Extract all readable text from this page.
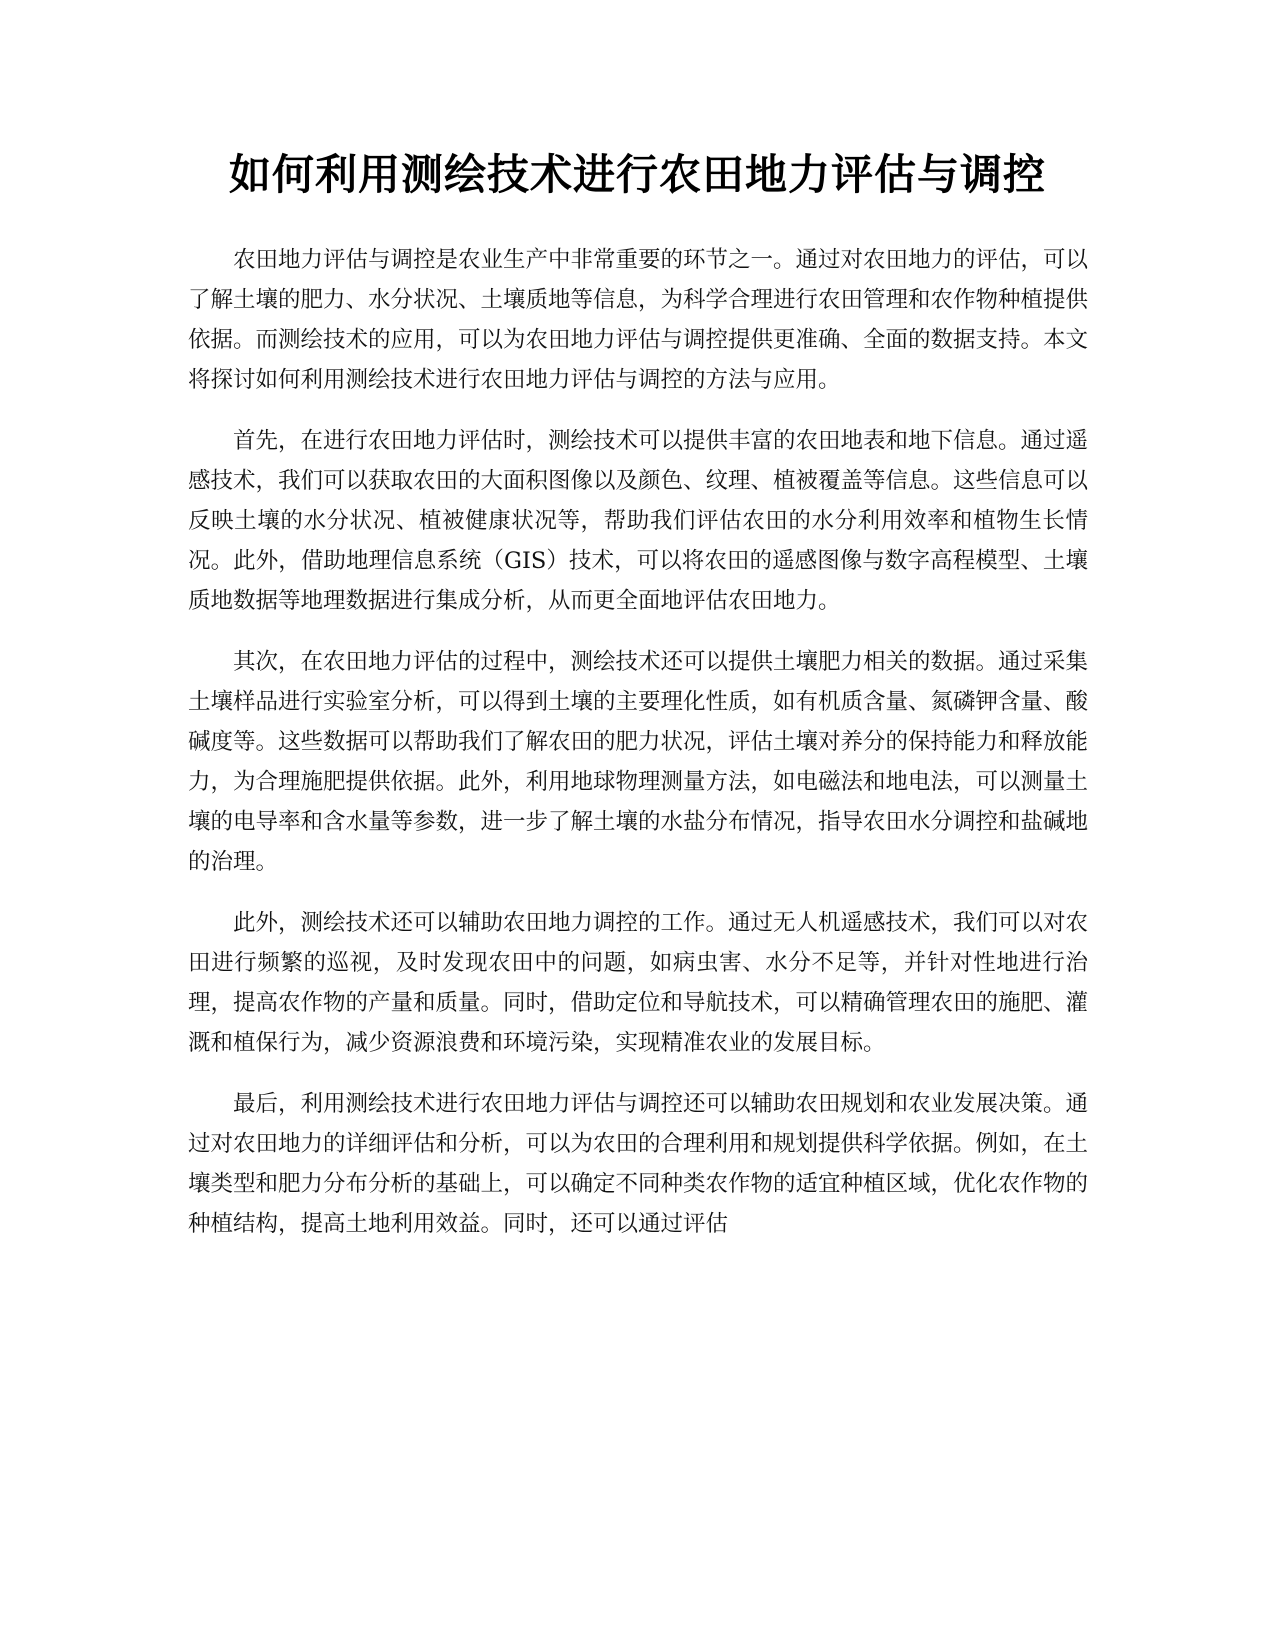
如何利用测绘技术进行农田地力评估与调控

农田地力评估与调控是农业生产中非常重要的环节之一。通过对农田地力的评估，可以了解土壤的肥力、水分状况、土壤质地等信息，为科学合理进行农田管理和农作物种植提供依据。而测绘技术的应用，可以为农田地力评估与调控提供更准确、全面的数据支持。本文将探讨如何利用测绘技术进行农田地力评估与调控的方法与应用。

首先，在进行农田地力评估时，测绘技术可以提供丰富的农田地表和地下信息。通过遥感技术，我们可以获取农田的大面积图像以及颜色、纹理、植被覆盖等信息。这些信息可以反映土壤的水分状况、植被健康状况等，帮助我们评估农田的水分利用效率和植物生长情况。此外，借助地理信息系统（GIS）技术，可以将农田的遥感图像与数字高程模型、土壤质地数据等地理数据进行集成分析，从而更全面地评估农田地力。

其次，在农田地力评估的过程中，测绘技术还可以提供土壤肥力相关的数据。通过采集土壤样品进行实验室分析，可以得到土壤的主要理化性质，如有机质含量、氮磷钾含量、酸碱度等。这些数据可以帮助我们了解农田的肥力状况，评估土壤对养分的保持能力和释放能力，为合理施肥提供依据。此外，利用地球物理测量方法，如电磁法和地电法，可以测量土壤的电导率和含水量等参数，进一步了解土壤的水盐分布情况，指导农田水分调控和盐碱地的治理。

此外，测绘技术还可以辅助农田地力调控的工作。通过无人机遥感技术，我们可以对农田进行频繁的巡视，及时发现农田中的问题，如病虫害、水分不足等，并针对性地进行治理，提高农作物的产量和质量。同时，借助定位和导航技术，可以精确管理农田的施肥、灌溉和植保行为，减少资源浪费和环境污染，实现精准农业的发展目标。

最后，利用测绘技术进行农田地力评估与调控还可以辅助农田规划和农业发展决策。通过对农田地力的详细评估和分析，可以为农田的合理利用和规划提供科学依据。例如，在土壤类型和肥力分布分析的基础上，可以确定不同种类农作物的适宜种植区域，优化农作物的种植结构，提高土地利用效益。同时，还可以通过评估
